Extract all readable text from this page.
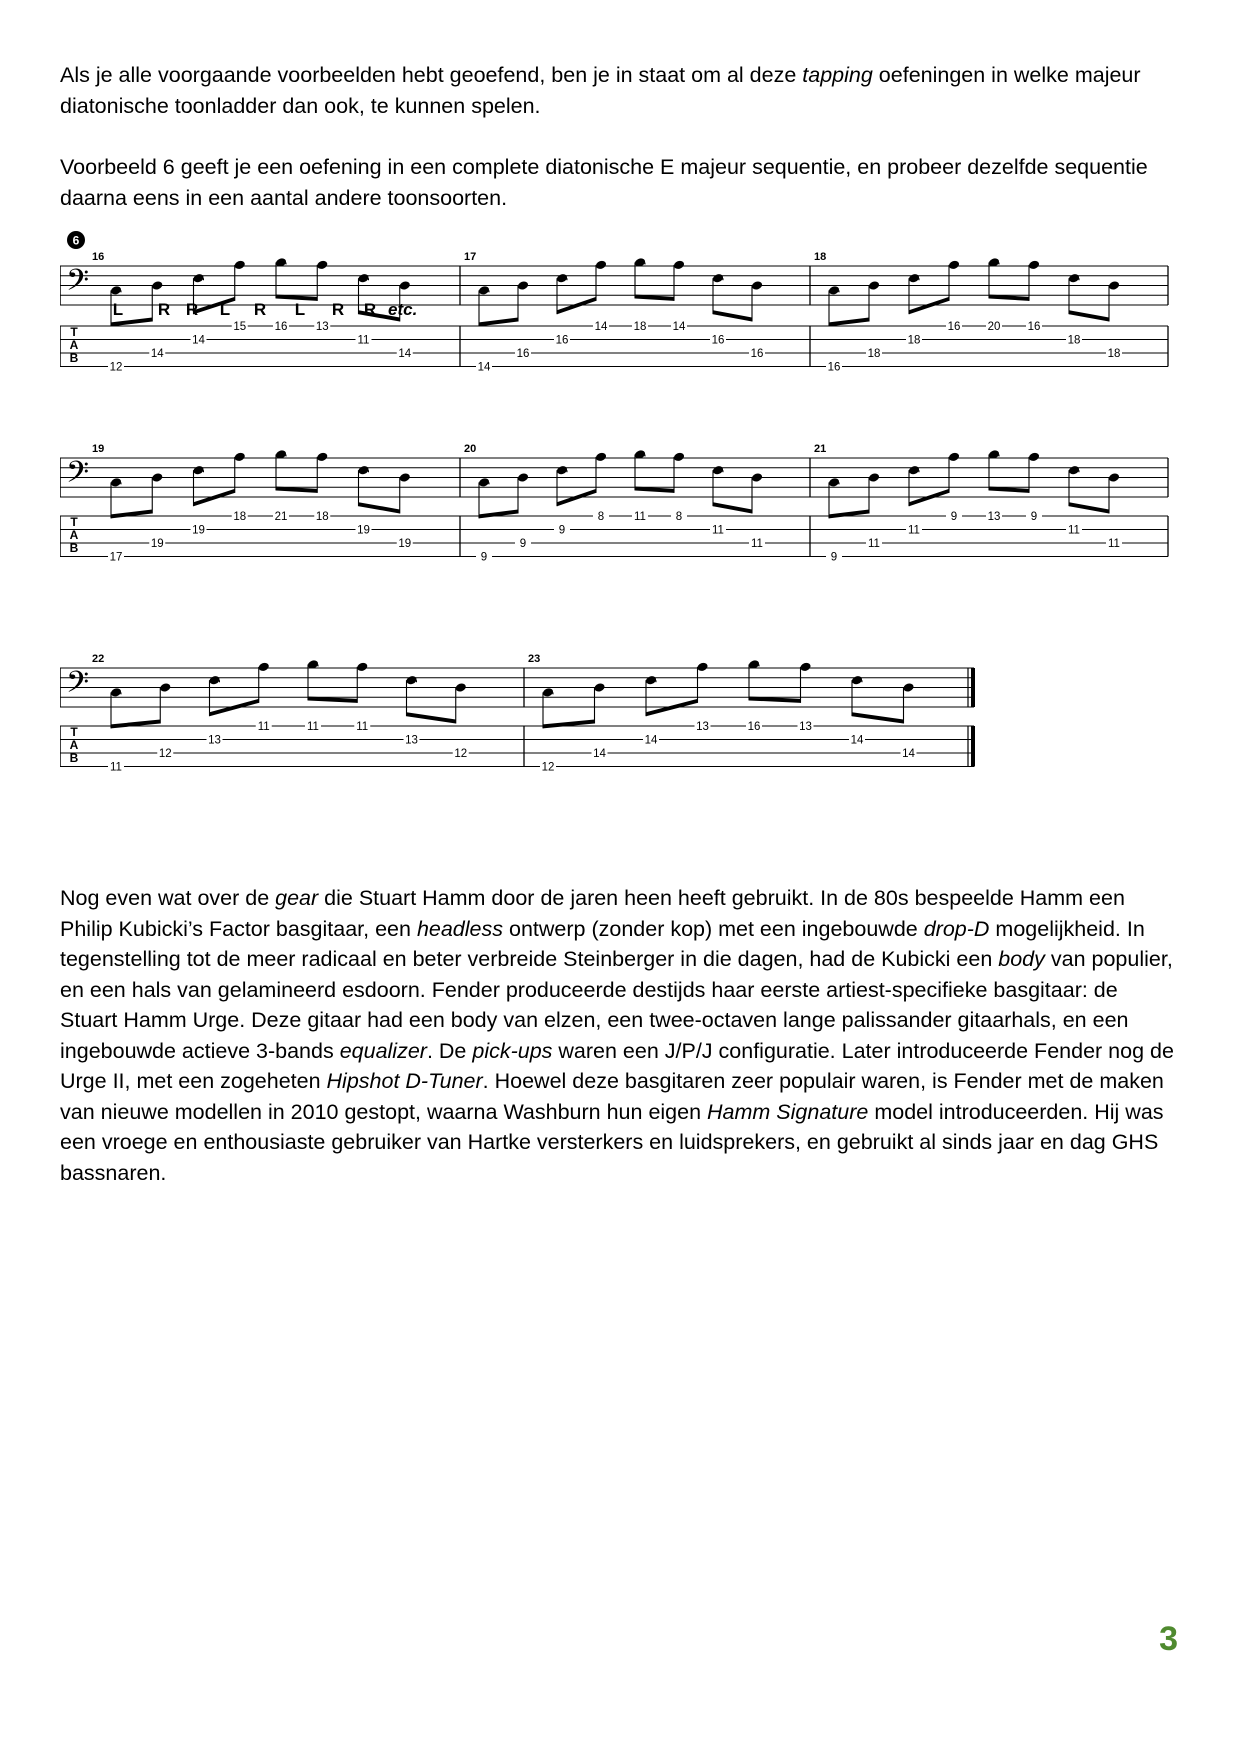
Als je alle voorgaande voorbeelden hebt geoefend, ben je in staat om al deze tapping oefeningen in welke majeur diatonische toonladder dan ook, te kunnen spelen.

Voorbeeld 6 geeft je een oefening in een complete diatonische E majeur sequentie, en probeer dezelfde sequentie daarna eens in een aantal andere toonsoorten.

𝄢
T
A
B
16
12
14
14
15 16 13
11
14
17
14
16
16
14 18 14
16
16
18
16
18
18
16 20 16
18
18
𝄢
T
A
B
19
17
19
19
18 21 18
19
19
20
9
9
9
8	11	8
11
11
21
9
11
11
9	13	9
11
11
𝄢
T
A
B
22
11
12
13
11	11	11
13
12
23
12
14
14
13	16	13
14
14
6
L R R L R L R R etc.

Nog even wat over de gear die Stuart Hamm door de jaren heen heeft gebruikt. In de 80s bespeelde Hamm een Philip Kubicki’s Factor basgitaar, een headless ontwerp (zonder kop) met een ingebouwde drop-D mogelijkheid. In tegenstelling tot de meer radicaal en beter verbreide Steinberger in die dagen, had de Kubicki een body van populier, en een hals van gelamineerd esdoorn. Fender produceerde destijds haar eerste artiest-specifieke basgitaar: de Stuart Hamm Urge. Deze gitaar had een body van elzen, een twee-octaven lange palissander gitaarhals, en een ingebouwde actieve 3-bands equalizer. De pick-ups waren een J/P/J configuratie. Later introduceerde Fender nog de Urge II, met een zogeheten Hipshot D-Tuner. Hoewel deze basgitaren zeer populair waren, is Fender met de maken van nieuwe modellen in 2010 gestopt, waarna Washburn hun eigen Hamm Signature model introduceerden. Hij was een vroege en enthousiaste gebruiker van Hartke versterkers en luidsprekers, en gebruikt al sinds jaar en dag GHS bassnaren.

3
